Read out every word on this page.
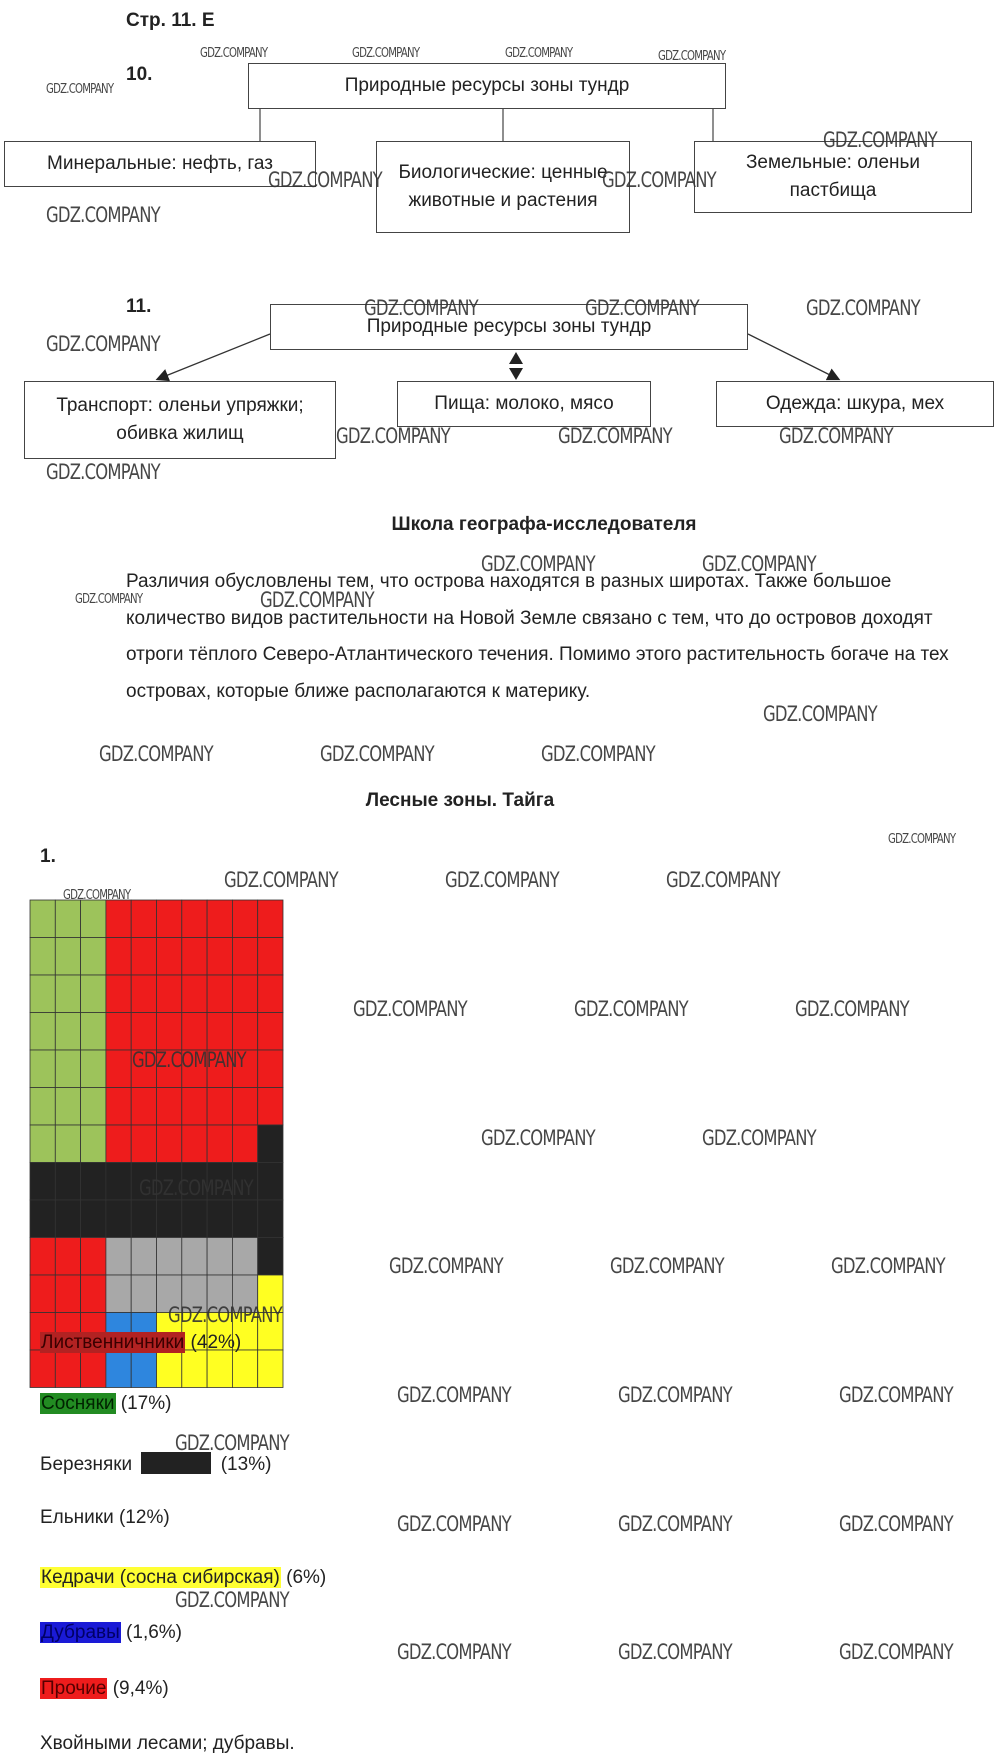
Стр. 11. Е
10.
Природные ресурсы зоны тундр
Минеральные: нефть, газ	Биологические: ценные животные и растения
Земельные: оленьи пастбища
11.
Природные ресурсы зоны тундр
Транспорт: оленьи упряжки; обивка жилищ
Пища: молоко, мясо	Одежда: шкура, мех
Школа географа-исследователя
Различия обусловлены тем, что острова находятся в разных широтах. Также большое количество видов растительности на Новой Земле связано с тем, что до островов доходят отроги тёплого Северо-Атлантического течения. Помимо этого растительность богаче на тех островах, которые ближе располагаются к материку.
Лесные зоны. Тайга
1.
Лиственничники (42%)
Сосняки (17%)
Березняки	(13%)
Ельники (12%)
Кедрачи (сосна сибирская) (6%)
Дубравы (1,6%)
Прочие (9,4%)
Хвойными лесами; дубравы.
GDZ.COMPANY	GDZ.COMPANY	GDZ.COMPANY	GDZ.COMPANY
GDZ.COMPANY
GDZ.COMPANY
GDZ.COMPANY	GDZ.COMPANY
GDZ.COMPANY
GDZ.COMPANY	GDZ.COMPANY	GDZ.COMPANY
GDZ.COMPANY
GDZ.COMPANY	GDZ.COMPANY	GDZ.COMPANY
GDZ.COMPANY
GDZ.COMPANY	GDZ.COMPANY
GDZ.COMPANY	GDZ.COMPANY
GDZ.COMPANY
GDZ.COMPANY	GDZ.COMPANY	GDZ.COMPANY
GDZ.COMPANY
GDZ.COMPANY
GDZ.COMPANY	GDZ.COMPANY	GDZ.COMPANY
GDZ.COMPANY	GDZ.COMPANY	GDZ.COMPANY
GDZ.COMPANY
GDZ.COMPANY	GDZ.COMPANY
GDZ.COMPANY
GDZ.COMPANY	GDZ.COMPANY	GDZ.COMPANY
GDZ.COMPANY
GDZ.COMPANY	GDZ.COMPANY	GDZ.COMPANY
GDZ.COMPANY
GDZ.COMPANY	GDZ.COMPANY	GDZ.COMPANY
GDZ.COMPANY
GDZ.COMPANY	GDZ.COMPANY	GDZ.COMPANY
